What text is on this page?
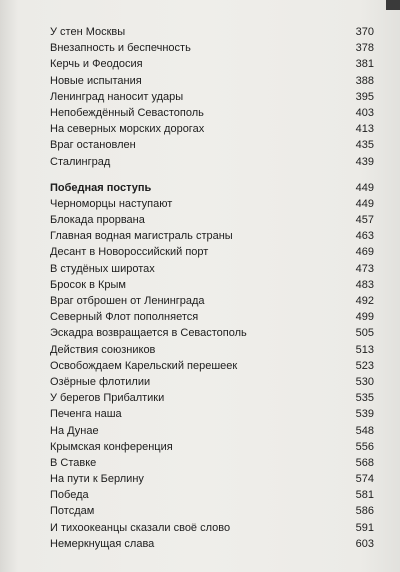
У стен Москвы	370
Внезапность и беспечность	378
Керчь и Феодосия	381
Новые испытания	388
Ленинград наносит удары	395
Непобеждённый Севастополь	403
На северных морских дорогах	413
Враг остановлен	435
Сталинград	439
Победная поступь	449
Черноморцы наступают	449
Блокада прорвана	457
Главная водная магистраль страны	463
Десант в Новороссийский порт	469
В студёных широтах	473
Бросок в Крым	483
Враг отброшен от Ленинграда	492
Северный Флот пополняется	499
Эскадра возвращается в Севастополь	505
Действия союзников	513
Освобождаем Карельский перешеек	523
Озёрные флотилии	530
У берегов Прибалтики	535
Печенга наша	539
На Дунае	548
Крымская конференция	556
В Ставке	568
На пути к Берлину	574
Победа	581
Потсдам	586
И тихоокеанцы сказали своё слово	591
Немеркнущая слава	603
